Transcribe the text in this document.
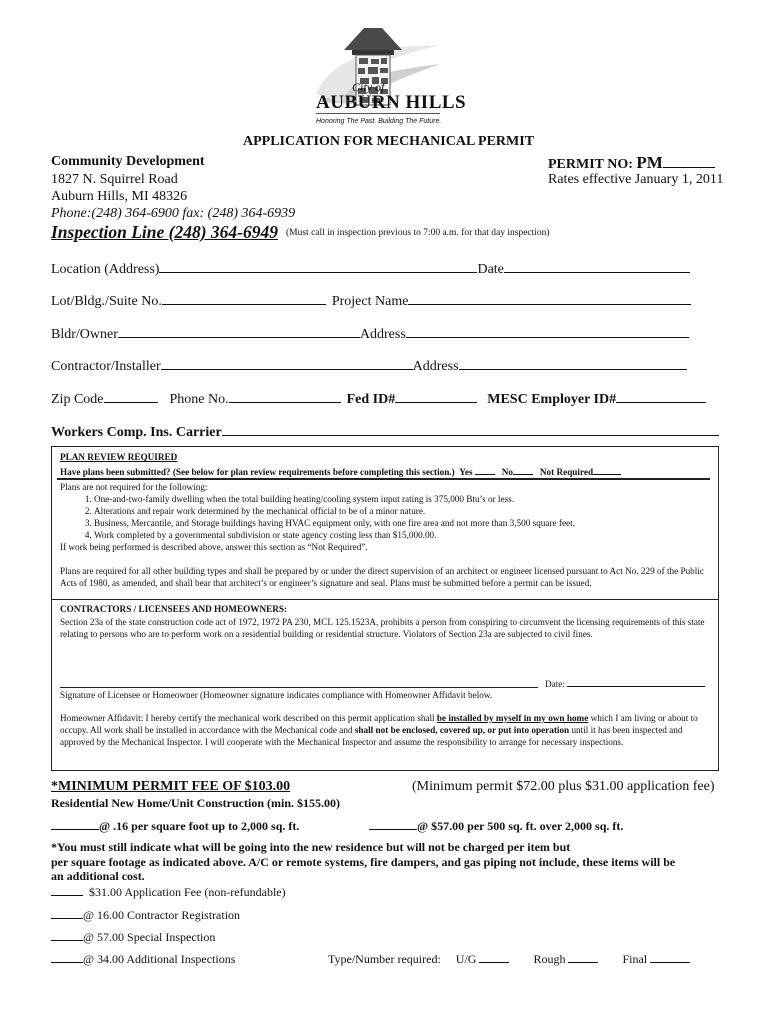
City of
AUBURN HILLS
Honoring The Past. Building The Future.
APPLICATION FOR MECHANICAL PERMIT
Community Development
1827 N. Squirrel Road
Auburn Hills, MI 48326
Phone:(248) 364-6900 fax: (248) 364-6939
PERMIT NO: PM
Rates effective January 1, 2011
Inspection Line (248) 364-6949 (Must call in inspection previous to 7:00 a.m. for that day inspection)
Location (Address)	Date
Lot/Bldg./Suite No.	Project Name
Bldr/Owner	Address
Contractor/Installer	Address
Zip Code	Phone No.	Fed ID#	MESC Employer ID#
Workers Comp. Ins. Carrier
PLAN REVIEW REQUIRED
Have plans been submitted? (See below for plan review requirements before completing this section.) Yes	No	Not Required
Plans are not required for the following:
1. One-and-two-family dwelling when the total building heating/cooling system input rating is 375,000 Btu’s or less.
2. Alterations and repair work determined by the mechanical official to be of a minor nature.
3. Business, Mercantile, and Storage buildings having HVAC equipment only, with one fire area and not more than 3,500 square feet.
4. Work completed by a governmental subdivision or state agency costing less than $15,000.00.
If work being performed is described above, answer this section as “Not Required”.
Plans are required for all other building types and shall be prepared by or under the direct supervision of an architect or engineer licensed pursuant to Act No. 229 of the Public Acts of 1980, as amended, and shall bear that architect’s or engineer’s signature and seal. Plans must be submitted before a permit can be issued.
CONTRACTORS / LICENSEES AND HOMEOWNERS:
Section 23a of the state construction code act of 1972, 1972 PA 230, MCL 125.1523A, prohibits a person from conspiring to circumvent the licensing requirements of this state relating to persons who are to perform work on a residential building or residential structure. Violators of Section 23a are subjected to civil fines.
Date:
Signature of Licensee or Homeowner (Homeowner signature indicates compliance with Homeowner Affidavit below.
Homeowner Affidavit: I hereby certify the mechanical work described on this permit application shall be installed by myself in my own home which I am living or about to occupy. All work shall be installed in accordance with the Mechanical code and shall not be enclosed, covered up, or put into operation until it has been inspected and approved by the Mechanical Inspector. I will cooperate with the Mechanical Inspector and assume the responsibility to arrange for necessary inspections.
*MINIMUM PERMIT FEE OF $103.00	(Minimum permit $72.00 plus $31.00 application fee)
Residential New Home/Unit Construction (min. $155.00)
@ .16 per square foot up to 2,000 sq. ft.	@ $57.00 per 500 sq. ft. over 2,000 sq. ft.
*You must still indicate what will be going into the new residence but will not be charged per item but
per square footage as indicated above. A/C or remote systems, fire dampers, and gas piping not include, these items will be
an additional cost.
$31.00 Application Fee (non-refundable)
@ 16.00 Contractor Registration
@ 57.00 Special Inspection
@ 34.00 Additional Inspections	Type/Number required: U/G	Rough	Final
